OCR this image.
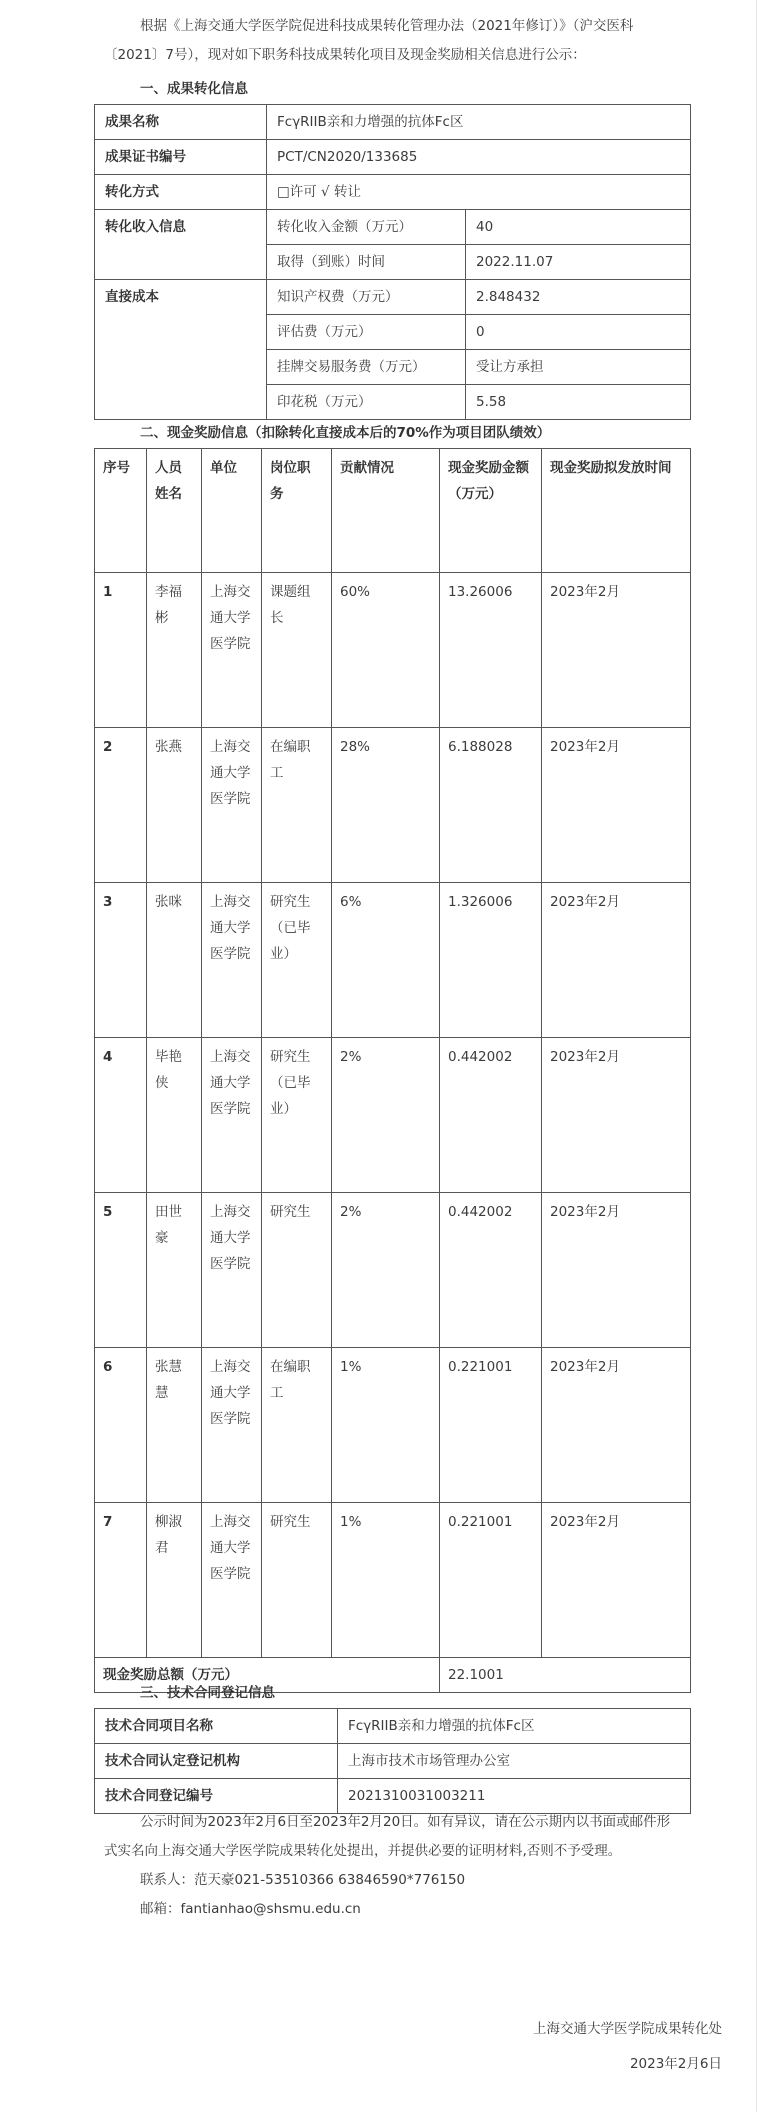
根据《上海交通大学医学院促进科技成果转化管理办法（2021年修订）》（沪交医科
〔2021〕7号），现对如下职务科技成果转化项目及现金奖励相关信息进行公示：
一、成果转化信息
成果名称	FcγRIIB亲和力增强的抗体Fc区	
成果证书编号	PCT/CN2020/133685	
转化方式	□许可 √ 转让	
转化收入信息	转化收入金额（万元）	40
	取得（到账）时间	2022.11.07
直接成本	知识产权费（万元）	2.848432
	评估费（万元）	0
	挂牌交易服务费（万元）	受让方承担
	印花税（万元）	5.58
二、现金奖励信息（扣除转化直接成本后的70%作为项目团队绩效）
序号	人员姓名	单位	岗位职务	贡献情况	现金奖励金额（万元）	现金奖励拟发放时间
1	李福彬	上海交通大学医学院	课题组长	60%	13.26006	2023年2月
2	张燕	上海交通大学医学院	在编职工	28%	6.188028	2023年2月
3	张咪	上海交通大学医学院	研究生（已毕业）	6%	1.326006	2023年2月
4	毕艳侠	上海交通大学医学院	研究生（已毕业）	2%	0.442002	2023年2月
5	田世豪	上海交通大学医学院	研究生	2%	0.442002	2023年2月
6	张慧慧	上海交通大学医学院	在编职工	1%	0.221001	2023年2月
7	柳淑君	上海交通大学医学院	研究生	1%	0.221001	2023年2月
现金奖励总额（万元）					22.1001	
三、技术合同登记信息
技术合同项目名称	FcγRIIB亲和力增强的抗体Fc区
技术合同认定登记机构	上海市技术市场管理办公室
技术合同登记编号	2021310031003211
公示时间为2023年2月6日至2023年2月20日。如有异议，请在公示期内以书面或邮件形
式实名向上海交通大学医学院成果转化处提出，并提供必要的证明材料,否则不予受理。
联系人：范天豪021-53510366 63846590*776150
邮箱：fantianhao@shsmu.edu.cn
上海交通大学医学院成果转化处
2023年2月6日
